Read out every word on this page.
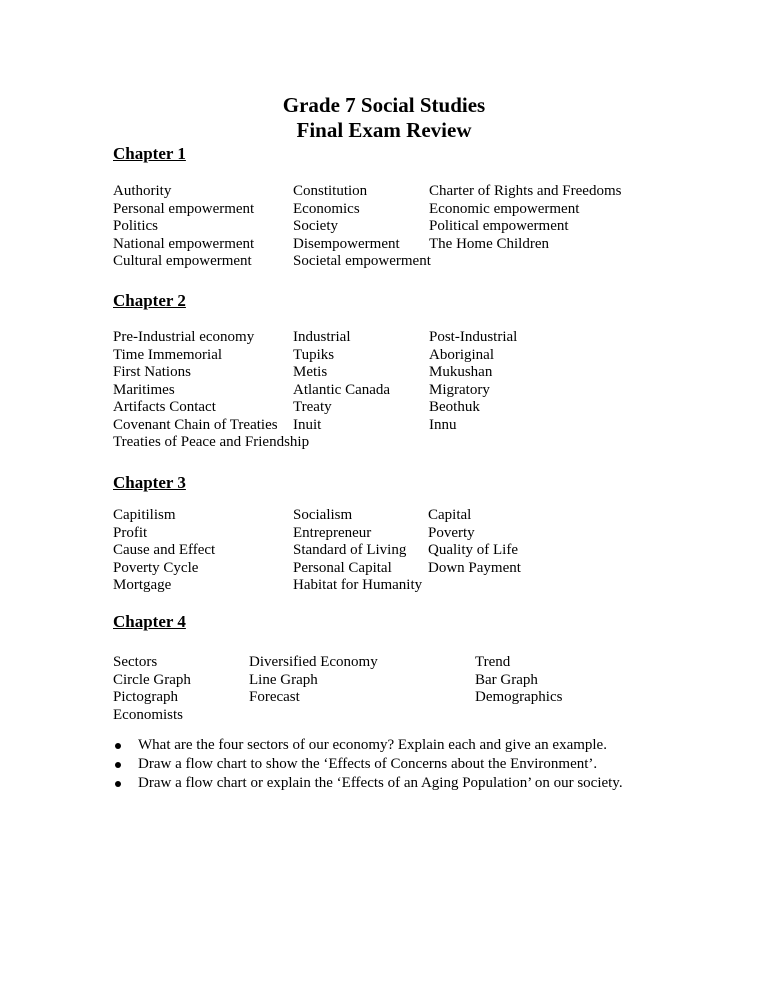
Grade 7 Social Studies
Final Exam Review
Chapter 1
Authority
Personal empowerment
Politics
National empowerment
Cultural empowerment
Constitution
Economics
Society
Disempowerment
Societal empowerment
Charter of Rights and Freedoms
Economic empowerment
Political empowerment
The Home Children
Chapter 2
Pre-Industrial economy
Time Immemorial
First Nations
Maritimes
Artifacts Contact
Covenant Chain of Treaties
Treaties of Peace and Friendship
Industrial
Tupiks
Metis
Atlantic Canada
Treaty
Inuit
Post-Industrial
Aboriginal
Mukushan
Migratory
Beothuk
Innu
Chapter 3
Capitilism
Profit
Cause and Effect
Poverty Cycle
Mortgage
Socialism
Entrepreneur
Standard of Living
Personal Capital
Habitat for Humanity
Capital
Poverty
Quality of Life
Down Payment
Chapter 4
Sectors
Circle Graph
Pictograph
Economists
Diversified Economy
Line Graph
Forecast
Trend
Bar Graph
Demographics
What are the four sectors of our economy? Explain each and give an example.
Draw a flow chart to show the ‘Effects of Concerns about the Environment’.
Draw a flow chart or explain the ‘Effects of an Aging Population’ on our society.
